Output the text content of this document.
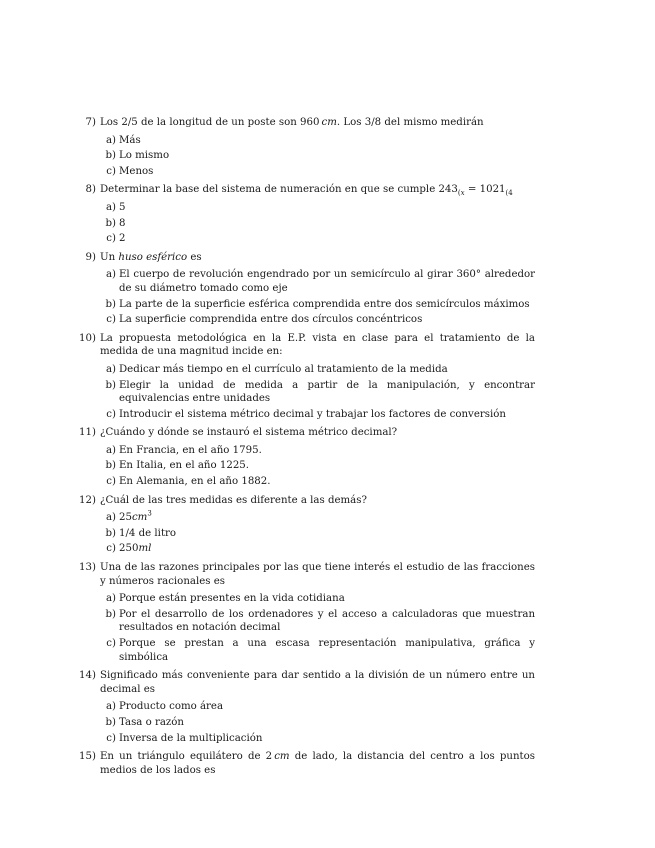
7) Los 2/5 de la longitud de un poste son 960 cm. Los 3/8 del mismo medirán
a ) Más
b ) Lo mismo
c ) Menos
8) Determinar la base del sistema de numeración en que se cumple $243_{(x} = 1021_{(4}$
a ) 5
b ) 8
c ) 2
9) Un huso esférico es
a ) El cuerpo de revolución engendrado por un semicírculo al girar 360° alrededor de su diámetro tomado como eje
b ) La parte de la superficie esférica comprendida entre dos semicírculos máximos
c ) La superficie comprendida entre dos círculos concéntricos
10) La propuesta metodológica en la E.P. vista en clase para el tratamiento de la medida de una magnitud incide en:
a ) Dedicar más tiempo en el currículo al tratamiento de la medida
b ) Elegir la unidad de medida a partir de la manipulación, y encontrar equivalencias entre unidades
c ) Introducir el sistema métrico decimal y trabajar los factores de conversión
11) ¿Cuándo y dónde se instauró el sistema métrico decimal?
a ) En Francia, en el año 1795.
b ) En Italia, en el año 1225.
c ) En Alemania, en el año 1882.
12) ¿Cuál de las tres medidas es diferente a las demás?
a ) $25cm^3$
b ) 1/4 de litro
c ) 250ml
13) Una de las razones principales por las que tiene interés el estudio de las fracciones y números racionales es
a ) Porque están presentes en la vida cotidiana
b ) Por el desarrollo de los ordenadores y el acceso a calculadoras que muestran resultados en notación decimal
c ) Porque se prestan a una escasa representación manipulativa, gráfica y simbólica
14) Significado más conveniente para dar sentido a la división de un número entre un decimal es
a ) Producto como área
b ) Tasa o razón
c ) Inversa de la multiplicación
15) En un triángulo equilátero de 2 cm de lado, la distancia del centro a los puntos medios de los lados es
